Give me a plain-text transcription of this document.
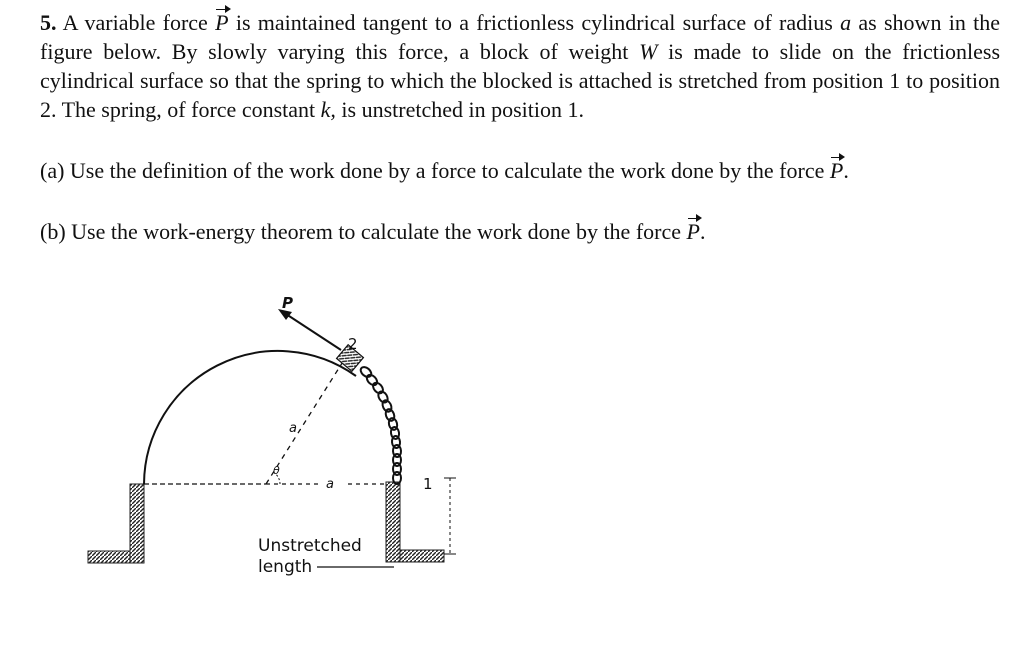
5. A variable force P is maintained tangent to a frictionless cylindrical surface of radius a as shown in the figure below. By slowly varying this force, a block of weight W is made to slide on the frictionless cylindrical surface so that the spring to which the blocked is attached is stretched from position 1 to position 2. The spring, of force constant k, is unstretched in position 1.

(a) Use the definition of the work done by a force to calculate the work done by the force P.

(b) Use the work-energy theorem to calculate the work done by the force P.

P
2
1
a
a
θ
Unstretched
length
